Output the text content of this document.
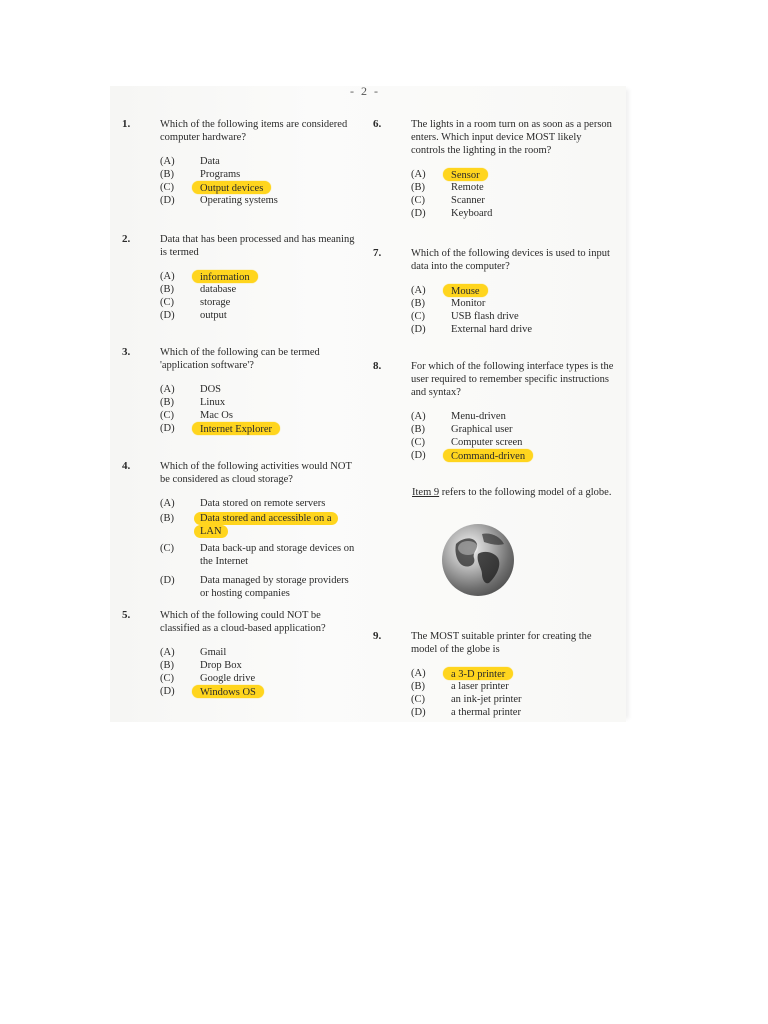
- 2 -
1.	Which of the following items are considered computer hardware?
(A)	Data
(B)	Programs
(C)	Output devices
(D)	Operating systems
2.	Data that has been processed and has meaning is termed
(A)	information
(B)	database
(C)	storage
(D)	output
3.	Which of the following can be termed 'application software'?
(A)	DOS
(B)	Linux
(C)	Mac Os
(D)	Internet Explorer
4.	Which of the following activities would NOT be considered as cloud storage?
(A)	Data stored on remote servers
(B)	Data stored and accessible on a LAN
(C)	Data back-up and storage devices on the Internet
(D)	Data managed by storage providers or hosting companies
5.	Which of the following could NOT be classified as a cloud-based application?
(A)	Gmail
(B)	Drop Box
(C)	Google drive
(D)	Windows OS
6.	The lights in a room turn on as soon as a person enters. Which input device MOST likely controls the lighting in the room?
(A)	Sensor
(B)	Remote
(C)	Scanner
(D)	Keyboard
7.	Which of the following devices is used to input data into the computer?
(A)	Mouse
(B)	Monitor
(C)	USB flash drive
(D)	External hard drive
8.	For which of the following interface types is the user required to remember specific instructions and syntax?
(A)	Menu-driven
(B)	Graphical user
(C)	Computer screen
(D)	Command-driven
Item 9 refers to the following model of a globe.
9.	The MOST suitable printer for creating the model of the globe is
(A)	a 3-D printer
(B)	a laser printer
(C)	an ink-jet printer
(D)	a thermal printer
